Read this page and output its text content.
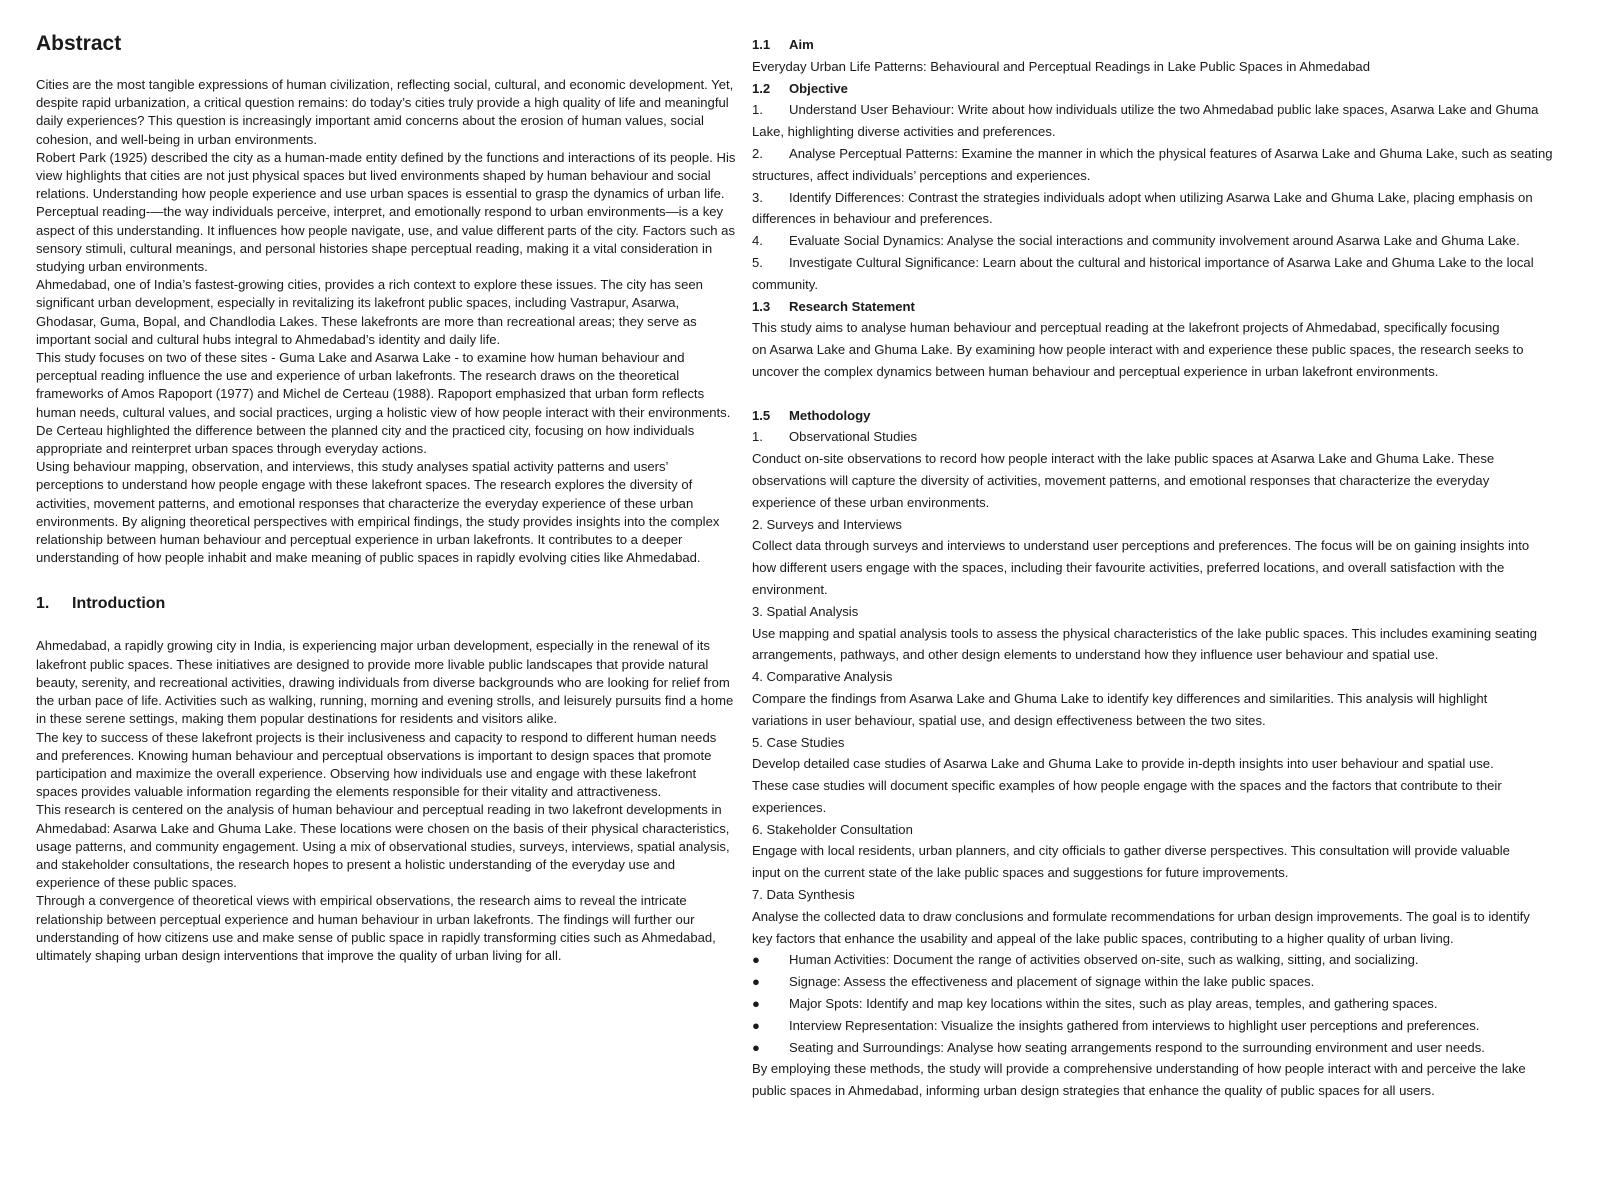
Abstract

Cities are the most tangible expressions of human civilization, reflecting social, cultural, and economic development. Yet, despite rapid urbanization, a critical question remains: do today’s cities truly provide a high quality of life and meaningful daily experiences? This question is increasingly important amid concerns about the erosion of human values, social cohesion, and well-being in urban environments.

Robert Park (1925) described the city as a human-made entity defined by the functions and interactions of its people. His view highlights that cities are not just physical spaces but lived environments shaped by human behaviour and social relations. Understanding how people experience and use urban spaces is essential to grasp the dynamics of urban life.

Perceptual reading-—the way individuals perceive, interpret, and emotionally respond to urban environments—is a key aspect of this understanding. It influences how people navigate, use, and value different parts of the city. Factors such as sensory stimuli, cultural meanings, and personal histories shape perceptual reading, making it a vital consideration in studying urban environments.

Ahmedabad, one of India’s fastest-growing cities, provides a rich context to explore these issues. The city has seen significant urban development, especially in revitalizing its lakefront public spaces, including Vastrapur, Asarwa, Ghodasar, Guma, Bopal, and Chandlodia Lakes. These lakefronts are more than recreational areas; they serve as important social and cultural hubs integral to Ahmedabad’s identity and daily life.

This study focuses on two of these sites - Guma Lake and Asarwa Lake - to examine how human behaviour and perceptual reading influence the use and experience of urban lakefronts. The research draws on the theoretical frameworks of Amos Rapoport (1977) and Michel de Certeau (1988). Rapoport emphasized that urban form reflects human needs, cultural values, and social practices, urging a holistic view of how people interact with their environments. De Certeau highlighted the difference between the planned city and the practiced city, focusing on how individuals appropriate and reinterpret urban spaces through everyday actions.

Using behaviour mapping, observation, and interviews, this study analyses spatial activity patterns and users’ perceptions to understand how people engage with these lakefront spaces. The research explores the diversity of activities, movement patterns, and emotional responses that characterize the everyday experience of these urban environments. By aligning theoretical perspectives with empirical findings, the study provides insights into the complex relationship between human behaviour and perceptual experience in urban lakefronts. It contributes to a deeper understanding of how people inhabit and make meaning of public spaces in rapidly evolving cities like Ahmedabad.

1. Introduction

Ahmedabad, a rapidly growing city in India, is experiencing major urban development, especially in the renewal of its lakefront public spaces. These initiatives are designed to provide more livable public landscapes that provide natural beauty, serenity, and recreational activities, drawing individuals from diverse backgrounds who are looking for relief from the urban pace of life. Activities such as walking, running, morning and evening strolls, and leisurely pursuits find a home in these serene settings, making them popular destinations for residents and visitors alike.

The key to success of these lakefront projects is their inclusiveness and capacity to respond to different human needs and preferences. Knowing human behaviour and perceptual observations is important to design spaces that promote participation and maximize the overall experience. Observing how individuals use and engage with these lakefront spaces provides valuable information regarding the elements responsible for their vitality and attractiveness.

This research is centered on the analysis of human behaviour and perceptual reading in two lakefront developments in Ahmedabad: Asarwa Lake and Ghuma Lake. These locations were chosen on the basis of their physical characteristics, usage patterns, and community engagement. Using a mix of observational studies, surveys, interviews, spatial analysis, and stakeholder consultations, the research hopes to present a holistic understanding of the everyday use and experience of these public spaces.

Through a convergence of theoretical views with empirical observations, the research aims to reveal the intricate relationship between perceptual experience and human behaviour in urban lakefronts. The findings will further our understanding of how citizens use and make sense of public space in rapidly transforming cities such as Ahmedabad, ultimately shaping urban design interventions that improve the quality of urban living for all.

1.1 Aim

Everyday Urban Life Patterns: Behavioural and Perceptual Readings in Lake Public Spaces in Ahmedabad

1.2 Objective

1. Understand User Behaviour: Write about how individuals utilize the two Ahmedabad public lake spaces, Asarwa Lake and Ghuma

Lake, highlighting diverse activities and preferences.

2. Analyse Perceptual Patterns: Examine the manner in which the physical features of Asarwa Lake and Ghuma Lake, such as seating

structures, affect individuals’ perceptions and experiences.

3. Identify Differences: Contrast the strategies individuals adopt when utilizing Asarwa Lake and Ghuma Lake, placing emphasis on

differences in behaviour and preferences.

4. Evaluate Social Dynamics: Analyse the social interactions and community involvement around Asarwa Lake and Ghuma Lake.

5. Investigate Cultural Significance: Learn about the cultural and historical importance of Asarwa Lake and Ghuma Lake to the local

community.

1.3 Research Statement

This study aims to analyse human behaviour and perceptual reading at the lakefront projects of Ahmedabad, specifically focusing

on Asarwa Lake and Ghuma Lake. By examining how people interact with and experience these public spaces, the research seeks to

uncover the complex dynamics between human behaviour and perceptual experience in urban lakefront environments.

1.5 Methodology

1. Observational Studies

Conduct on-site observations to record how people interact with the lake public spaces at Asarwa Lake and Ghuma Lake. These

observations will capture the diversity of activities, movement patterns, and emotional responses that characterize the everyday

experience of these urban environments.

2. Surveys and Interviews

Collect data through surveys and interviews to understand user perceptions and preferences. The focus will be on gaining insights into

how different users engage with the spaces, including their favourite activities, preferred locations, and overall satisfaction with the

environment.

3. Spatial Analysis

Use mapping and spatial analysis tools to assess the physical characteristics of the lake public spaces. This includes examining seating

arrangements, pathways, and other design elements to understand how they influence user behaviour and spatial use.

4. Comparative Analysis

Compare the findings from Asarwa Lake and Ghuma Lake to identify key differences and similarities. This analysis will highlight

variations in user behaviour, spatial use, and design effectiveness between the two sites.

5. Case Studies

Develop detailed case studies of Asarwa Lake and Ghuma Lake to provide in-depth insights into user behaviour and spatial use.

These case studies will document specific examples of how people engage with the spaces and the factors that contribute to their

experiences.

6. Stakeholder Consultation

Engage with local residents, urban planners, and city officials to gather diverse perspectives. This consultation will provide valuable

input on the current state of the lake public spaces and suggestions for future improvements.

7. Data Synthesis

Analyse the collected data to draw conclusions and formulate recommendations for urban design improvements. The goal is to identify

key factors that enhance the usability and appeal of the lake public spaces, contributing to a higher quality of urban living.

● Human Activities: Document the range of activities observed on-site, such as walking, sitting, and socializing.

● Signage: Assess the effectiveness and placement of signage within the lake public spaces.

● Major Spots: Identify and map key locations within the sites, such as play areas, temples, and gathering spaces.

● Interview Representation: Visualize the insights gathered from interviews to highlight user perceptions and preferences.

● Seating and Surroundings: Analyse how seating arrangements respond to the surrounding environment and user needs.

By employing these methods, the study will provide a comprehensive understanding of how people interact with and perceive the lake

public spaces in Ahmedabad, informing urban design strategies that enhance the quality of public spaces for all users.
